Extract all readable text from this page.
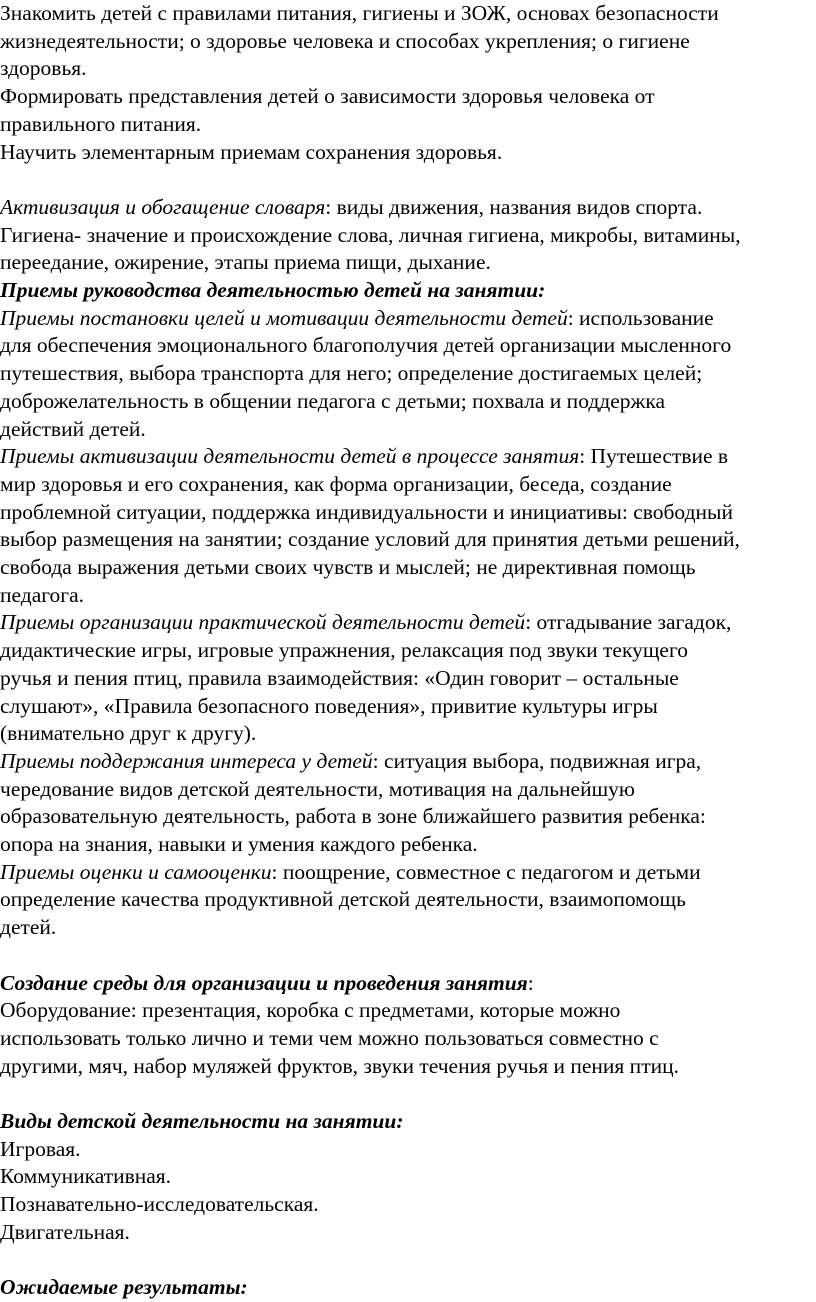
Знакомить детей с правилами питания, гигиены и ЗОЖ, основах безопасности
жизнедеятельности; о здоровье человека и способах укрепления; о гигиене
здоровья.
Формировать представления детей о зависимости здоровья человека от
правильного питания.
Научить элементарным приемам сохранения здоровья.
Активизация и обогащение словаря: виды движения, названия видов спорта.
Гигиена- значение и происхождение слова, личная гигиена, микробы, витамины,
переедание, ожирение, этапы приема пищи, дыхание.
Приемы руководства деятельностью детей на занятии:
Приемы постановки целей и мотивации деятельности детей: использование
для обеспечения эмоционального благополучия детей организации мысленного
путешествия, выбора транспорта для него; определение достигаемых целей;
доброжелательность в общении педагога с детьми; похвала и поддержка
действий детей.
Приемы активизации деятельности детей в процессе занятия: Путешествие в
мир здоровья и его сохранения, как форма организации, беседа, создание
проблемной ситуации, поддержка индивидуальности и инициативы: свободный
выбор размещения на занятии; создание условий для принятия детьми решений,
свобода выражения детьми своих чувств и мыслей; не директивная помощь
педагога.
Приемы организации практической деятельности детей: отгадывание загадок,
дидактические игры, игровые упражнения, релаксация под звуки текущего
ручья и пения птиц, правила взаимодействия: «Один говорит – остальные
слушают», «Правила безопасного поведения», привитие культуры игры
(внимательно друг к другу).
Приемы поддержания интереса у детей: ситуация выбора, подвижная игра,
чередование видов детской деятельности, мотивация на дальнейшую
образовательную деятельность, работа в зоне ближайшего развития ребенка:
опора на знания, навыки и умения каждого ребенка.
Приемы оценки и самооценки: поощрение, совместное с педагогом и детьми
определение качества продуктивной детской деятельности, взаимопомощь
детей.
Создание среды для организации и проведения занятия:
Оборудование: презентация, коробка с предметами, которые можно
использовать только лично и теми чем можно пользоваться совместно с
другими, мяч, набор муляжей фруктов, звуки течения ручья и пения птиц.
Виды детской деятельности на занятии:
Игровая.
Коммуникативная.
Познавательно-исследовательская.
Двигательная.
Ожидаемые результаты:
